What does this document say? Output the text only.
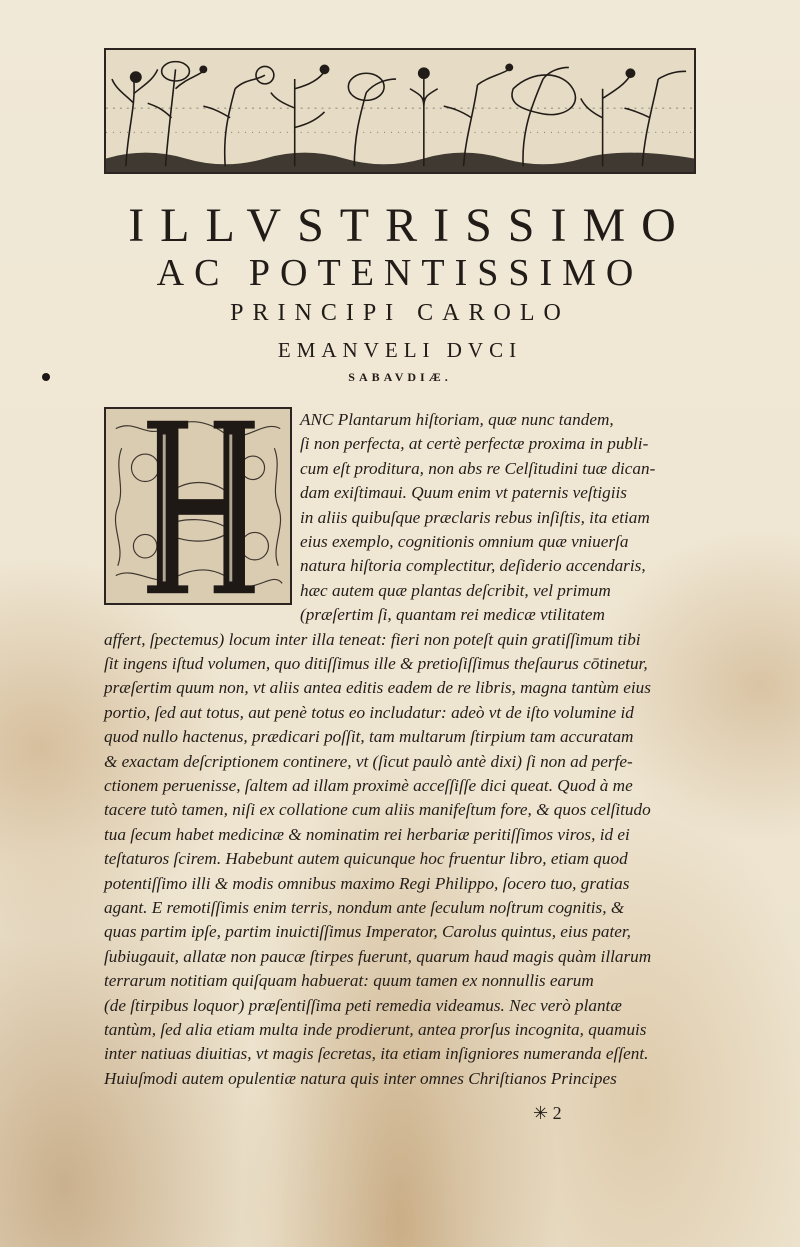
ILLVSTRISSIMO
AC POTENTISSIMO
PRINCIPI CAROLO
EMANVELI DVCI
SABAVDIÆ.
ANC Plantarum hiſtoriam, quæ nunc tandem,
ſi non perfecta, at certè perfectæ proxima in publi-
cum eſt proditura, non abs re Celſitudini tuæ dican-
dam exiſtimaui. Quum enim vt paternis veſtigiis
in aliis quibuſque præclaris rebus inſiſtis, ita etiam
eius exemplo, cognitionis omnium quæ vniuerſa
natura hiſtoria complectitur, deſiderio accendaris,
hæc autem quæ plantas deſcribit, vel primum
(præſertim ſi, quantam rei medicæ vtilitatem
affert, ſpectemus) locum inter illa teneat: fieri non poteſt quin gratiſſimum tibi
ſit ingens iſtud volumen, quo ditiſſimus ille & pretioſiſſimus theſaurus cōtinetur,
præſertim quum non, vt aliis antea editis eadem de re libris, magna tantùm eius
portio, ſed aut totus, aut penè totus eo includatur: adeò vt de iſto volumine id
quod nullo hactenus, prædicari poſſit, tam multarum ſtirpium tam accuratam
& exactam deſcriptionem continere, vt (ſicut paulò antè dixi) ſi non ad perfe-
ctionem peruenisse, ſaltem ad illam proximè acceſſiſſe dici queat. Quod à me
tacere tutò tamen, niſi ex collatione cum aliis manifeſtum fore, & quos celſitudo
tua ſecum habet medicinæ & nominatim rei herbariæ peritiſſimos viros, id ei
teſtaturos ſcirem. Habebunt autem quicunque hoc fruentur libro, etiam quod
potentiſſimo illi & modis omnibus maximo Regi Philippo, ſocero tuo, gratias
agant. E remotiſſimis enim terris, nondum ante ſeculum noſtrum cognitis, &
quas partim ipſe, partim inuictiſſimus Imperator, Carolus quintus, eius pater,
ſubiugauit, allatæ non paucæ ſtirpes fuerunt, quarum haud magis quàm illarum
terrarum notitiam quiſquam habuerat: quum tamen ex nonnullis earum
(de ſtirpibus loquor) præſentiſſima peti remedia videamus. Nec verò plantæ
tantùm, ſed alia etiam multa inde prodierunt, antea prorſus incognita, quamuis
inter natiuas diuitias, vt magis ſecretas, ita etiam inſigniores numeranda eſſent.
Huiuſmodi autem opulentiæ natura quis inter omnes Chriſtianos Principes
✳ 2
